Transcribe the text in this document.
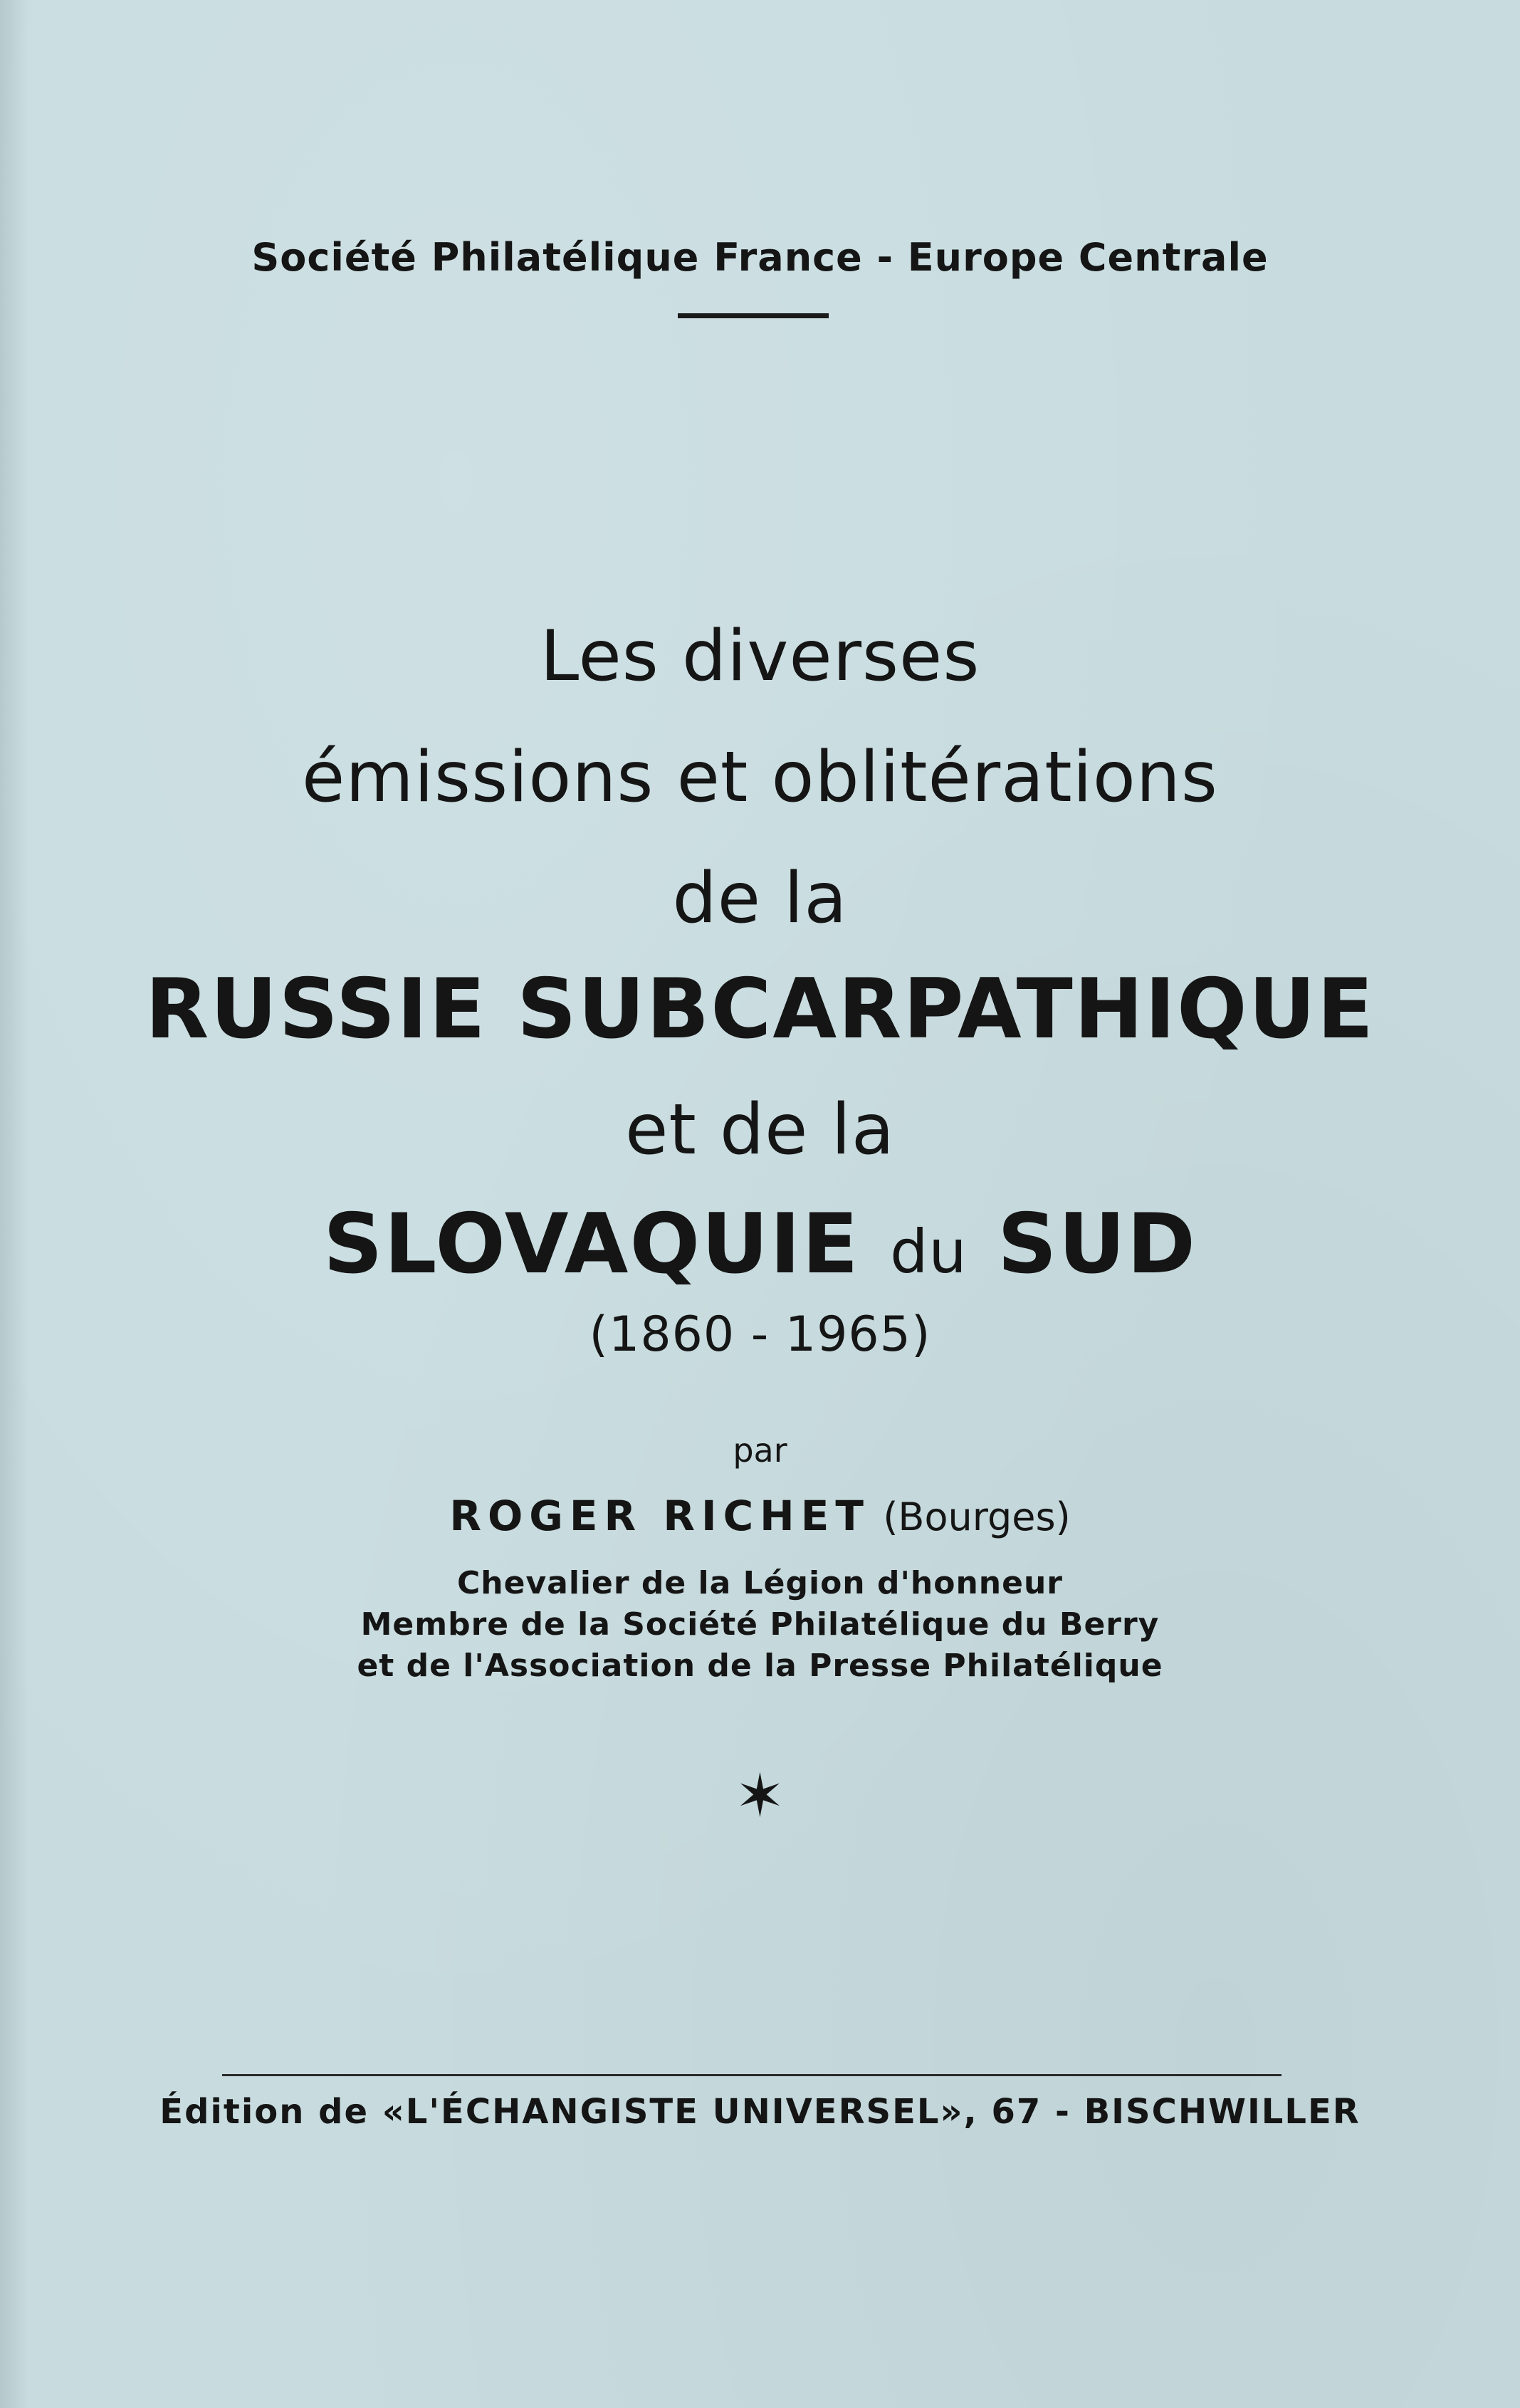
Société Philatélique France - Europe Centrale
Les diverses
émissions et oblitérations
de la
RUSSIE SUBCARPATHIQUE
et de la
SLOVAQUIE du SUD
(1860 - 1965)
par
ROGER RICHET (Bourges)
Chevalier de la Légion d'honneur
Membre de la Société Philatélique du Berry
et de l'Association de la Presse Philatélique
✶
Édition de «L'ÉCHANGISTE UNIVERSEL», 67 - BISCHWILLER
